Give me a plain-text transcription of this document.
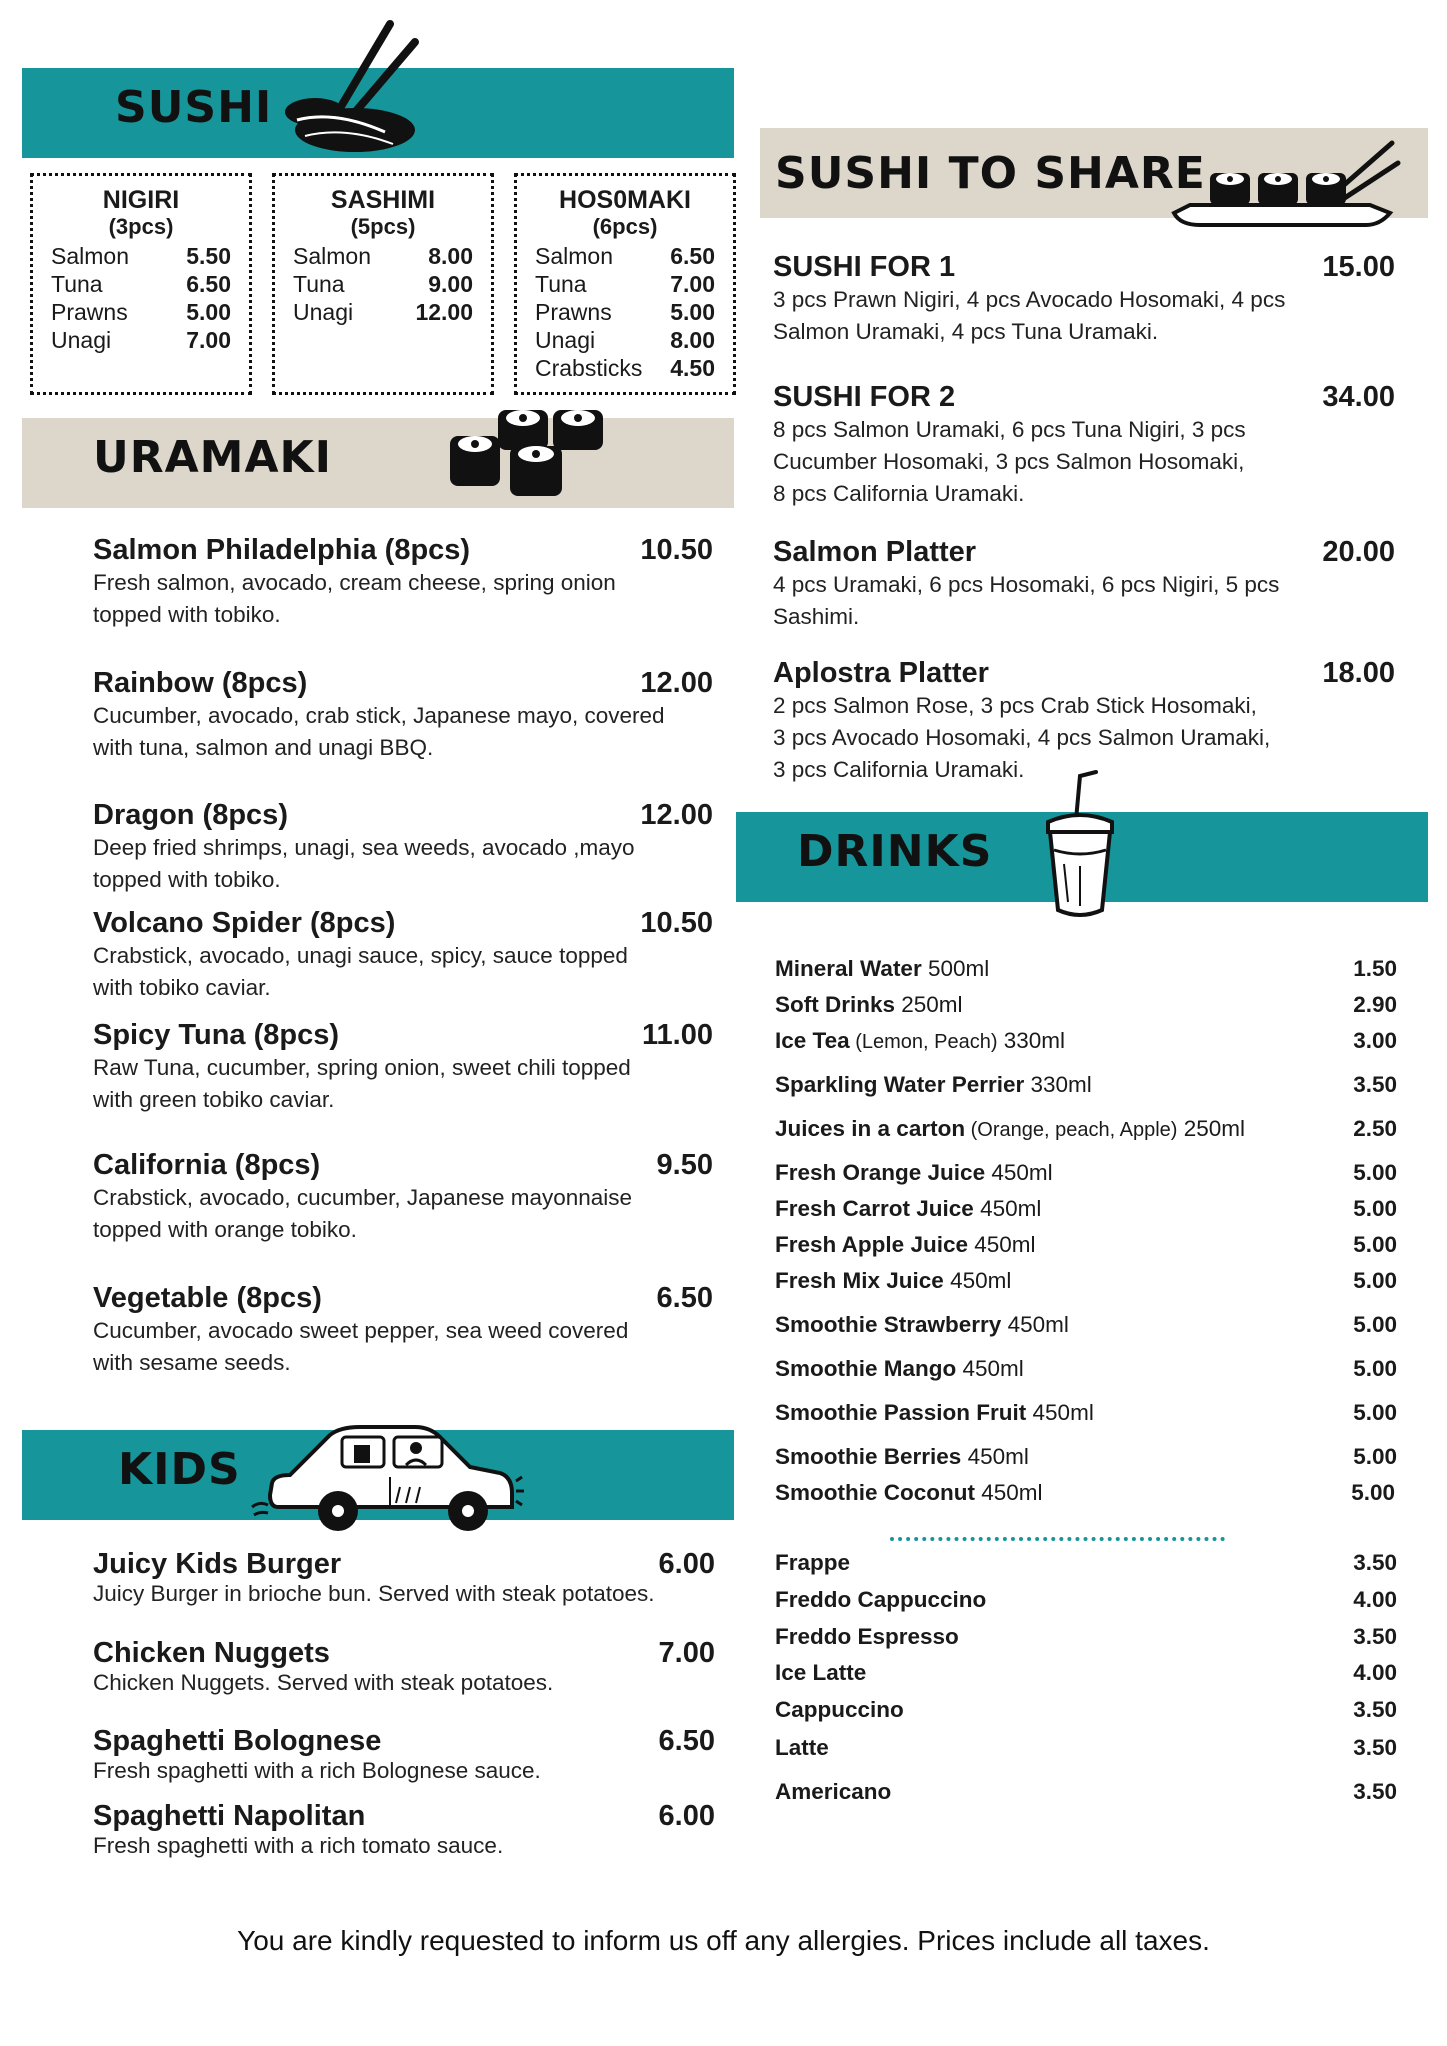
SUSHI
NIGIRI
(3pcs)
Salmon 5.50
Tuna	6.50
Prawns	5.00
Unagi	7.00
SASHIMI
(5pcs)
Salmon 8.00
Tuna	9.00
Unagi	12.00
HOS0MAKI
(6pcs)
Salmon 6.50
Tuna	7.00
Prawns	5.00
Unagi	8.00
Crabsticks 4.50
URAMAKI
Salmon Philadelphia (8pcs)	10.50
Fresh salmon, avocado, cream cheese, spring onion
topped with tobiko.
Rainbow (8pcs)	12.00
Cucumber, avocado, crab stick, Japanese mayo, covered
with tuna, salmon and unagi BBQ.
Dragon (8pcs)	12.00
Deep fried shrimps, unagi, sea weeds, avocado ,mayo
topped with tobiko.
Volcano Spider (8pcs)	10.50
Crabstick, avocado, unagi sauce, spicy, sauce topped
with tobiko caviar.
Spicy Tuna (8pcs)	11.00
Raw Tuna, cucumber, spring onion, sweet chili topped
with green tobiko caviar.
California (8pcs)	9.50
Crabstick, avocado, cucumber, Japanese mayonnaise
topped with orange tobiko.
Vegetable (8pcs)	6.50
Cucumber, avocado sweet pepper, sea weed covered
with sesame seeds.
KIDS
Juicy Kids Burger	6.00
Juicy Burger in brioche bun. Served with steak potatoes.
Chicken Nuggets	7.00
Chicken Nuggets. Served with steak potatoes.
Spaghetti Bolognese	6.50
Fresh spaghetti with a rich Bolognese sauce.
Spaghetti Napolitan	6.00
Fresh spaghetti with a rich tomato sauce.
SUSHI TO SHARE
SUSHI FOR 1	15.00
3 pcs Prawn Nigiri, 4 pcs Avocado Hosomaki, 4 pcs
Salmon Uramaki, 4 pcs Tuna Uramaki.
SUSHI FOR 2	34.00
8 pcs Salmon Uramaki, 6 pcs Tuna Nigiri, 3 pcs
Cucumber Hosomaki, 3 pcs Salmon Hosomaki,
8 pcs California Uramaki.
Salmon Platter	20.00
4 pcs Uramaki, 6 pcs Hosomaki, 6 pcs Nigiri, 5 pcs
Sashimi.
Aplostra Platter	18.00
2 pcs Salmon Rose, 3 pcs Crab Stick Hosomaki,
3 pcs Avocado Hosomaki, 4 pcs Salmon Uramaki,
3 pcs California Uramaki.
DRINKS
Mineral Water 500ml	1.50
Soft Drinks 250ml	2.90
Ice Tea (Lemon, Peach) 330ml	3.00
Sparkling Water Perrier 330ml	3.50
Juices in a carton (Orange, peach, Apple) 250ml	2.50
Fresh Orange Juice 450ml	5.00
Fresh Carrot Juice 450ml	5.00
Fresh Apple Juice 450ml	5.00
Fresh Mix Juice 450ml	5.00
Smoothie Strawberry 450ml	5.00
Smoothie Mango 450ml	5.00
Smoothie Passion Fruit 450ml	5.00
Smoothie Berries 450ml	5.00
Smoothie Coconut 450ml	5.00
Frappe	3.50
Freddo Cappuccino	4.00
Freddo Espresso	3.50
Ice Latte	4.00
Cappuccino	3.50
Latte	3.50
Americano	3.50
You are kindly requested to inform us off any allergies. Prices include all taxes.
